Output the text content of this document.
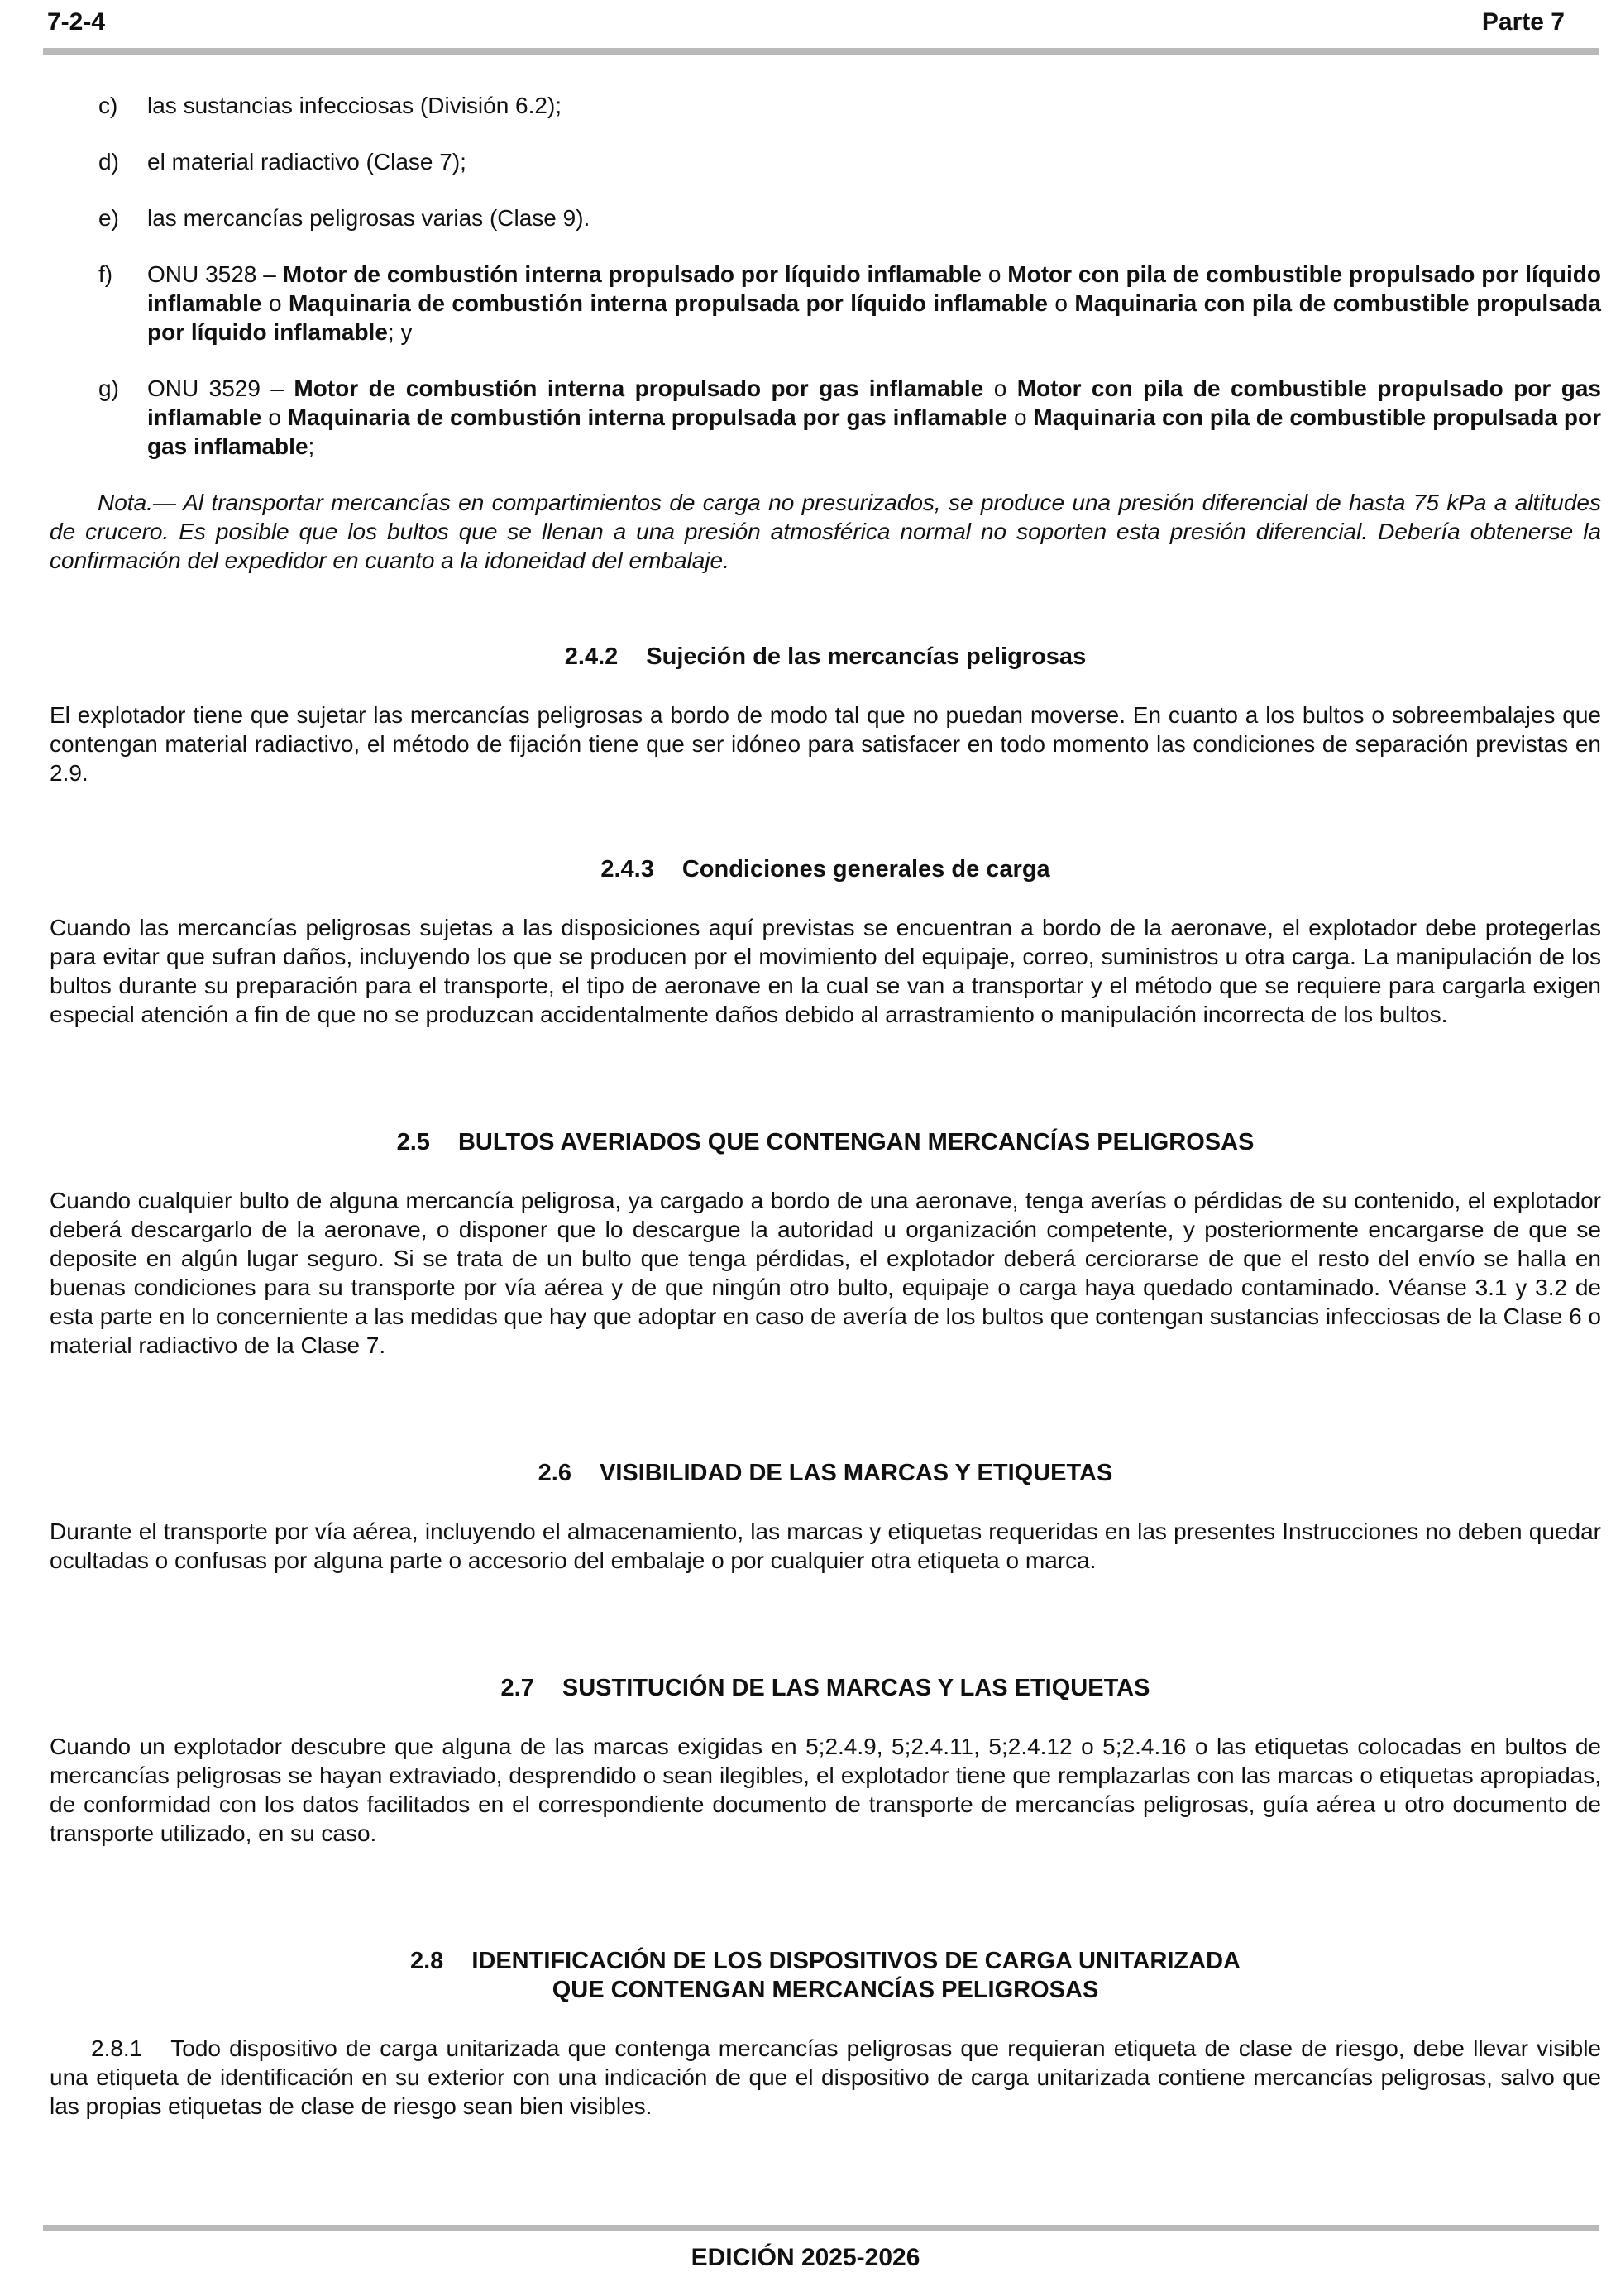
7-2-4	Parte 7
c)	las sustancias infecciosas (División 6.2);
d)	el material radiactivo (Clase 7);
e)	las mercancías peligrosas varias (Clase 9).
f)	ONU 3528 – Motor de combustión interna propulsado por líquido inflamable o Motor con pila de combustible propulsado por líquido inflamable o Maquinaria de combustión interna propulsada por líquido inflamable o Maquinaria con pila de combustible propulsada por líquido inflamable; y
g)	ONU 3529 – Motor de combustión interna propulsado por gas inflamable o Motor con pila de combustible propulsado por gas inflamable o Maquinaria de combustión interna propulsada por gas inflamable o Maquinaria con pila de combustible propulsada por gas inflamable;

Nota.— Al transportar mercancías en compartimientos de carga no presurizados, se produce una presión diferencial de hasta 75 kPa a altitudes de crucero. Es posible que los bultos que se llenan a una presión atmosférica normal no soporten esta presión diferencial. Debería obtenerse la confirmación del expedidor en cuanto a la idoneidad del embalaje.

2.4.2 Sujeción de las mercancías peligrosas

El explotador tiene que sujetar las mercancías peligrosas a bordo de modo tal que no puedan moverse. En cuanto a los bultos o sobreembalajes que contengan material radiactivo, el método de fijación tiene que ser idóneo para satisfacer en todo momento las condiciones de separación previstas en 2.9.

2.4.3 Condiciones generales de carga

Cuando las mercancías peligrosas sujetas a las disposiciones aquí previstas se encuentran a bordo de la aeronave, el explotador debe protegerlas para evitar que sufran daños, incluyendo los que se producen por el movimiento del equipaje, correo, suministros u otra carga. La manipulación de los bultos durante su preparación para el transporte, el tipo de aeronave en la cual se van a transportar y el método que se requiere para cargarla exigen especial atención a fin de que no se produzcan accidentalmente daños debido al arrastramiento o manipulación incorrecta de los bultos.

2.5 BULTOS AVERIADOS QUE CONTENGAN MERCANCÍAS PELIGROSAS

Cuando cualquier bulto de alguna mercancía peligrosa, ya cargado a bordo de una aeronave, tenga averías o pérdidas de su contenido, el explotador deberá descargarlo de la aeronave, o disponer que lo descargue la autoridad u organización competente, y posteriormente encargarse de que se deposite en algún lugar seguro. Si se trata de un bulto que tenga pérdidas, el explotador deberá cerciorarse de que el resto del envío se halla en buenas condiciones para su transporte por vía aérea y de que ningún otro bulto, equipaje o carga haya quedado contaminado. Véanse 3.1 y 3.2 de esta parte en lo concerniente a las medidas que hay que adoptar en caso de avería de los bultos que contengan sustancias infecciosas de la Clase 6 o material radiactivo de la Clase 7.

2.6 VISIBILIDAD DE LAS MARCAS Y ETIQUETAS

Durante el transporte por vía aérea, incluyendo el almacenamiento, las marcas y etiquetas requeridas en las presentes Instrucciones no deben quedar ocultadas o confusas por alguna parte o accesorio del embalaje o por cualquier otra etiqueta o marca.

2.7 SUSTITUCIÓN DE LAS MARCAS Y LAS ETIQUETAS

Cuando un explotador descubre que alguna de las marcas exigidas en 5;2.4.9, 5;2.4.11, 5;2.4.12 o 5;2.4.16 o las etiquetas colocadas en bultos de mercancías peligrosas se hayan extraviado, desprendido o sean ilegibles, el explotador tiene que remplazarlas con las marcas o etiquetas apropiadas, de conformidad con los datos facilitados en el correspondiente documento de transporte de mercancías peligrosas, guía aérea u otro documento de transporte utilizado, en su caso.

2.8 IDENTIFICACIÓN DE LOS DISPOSITIVOS DE CARGA UNITARIZADA
QUE CONTENGAN MERCANCÍAS PELIGROSAS

2.8.1 Todo dispositivo de carga unitarizada que contenga mercancías peligrosas que requieran etiqueta de clase de riesgo, debe llevar visible una etiqueta de identificación en su exterior con una indicación de que el dispositivo de carga unitarizada contiene mercancías peligrosas, salvo que las propias etiquetas de clase de riesgo sean bien visibles.

EDICIÓN 2025-2026
